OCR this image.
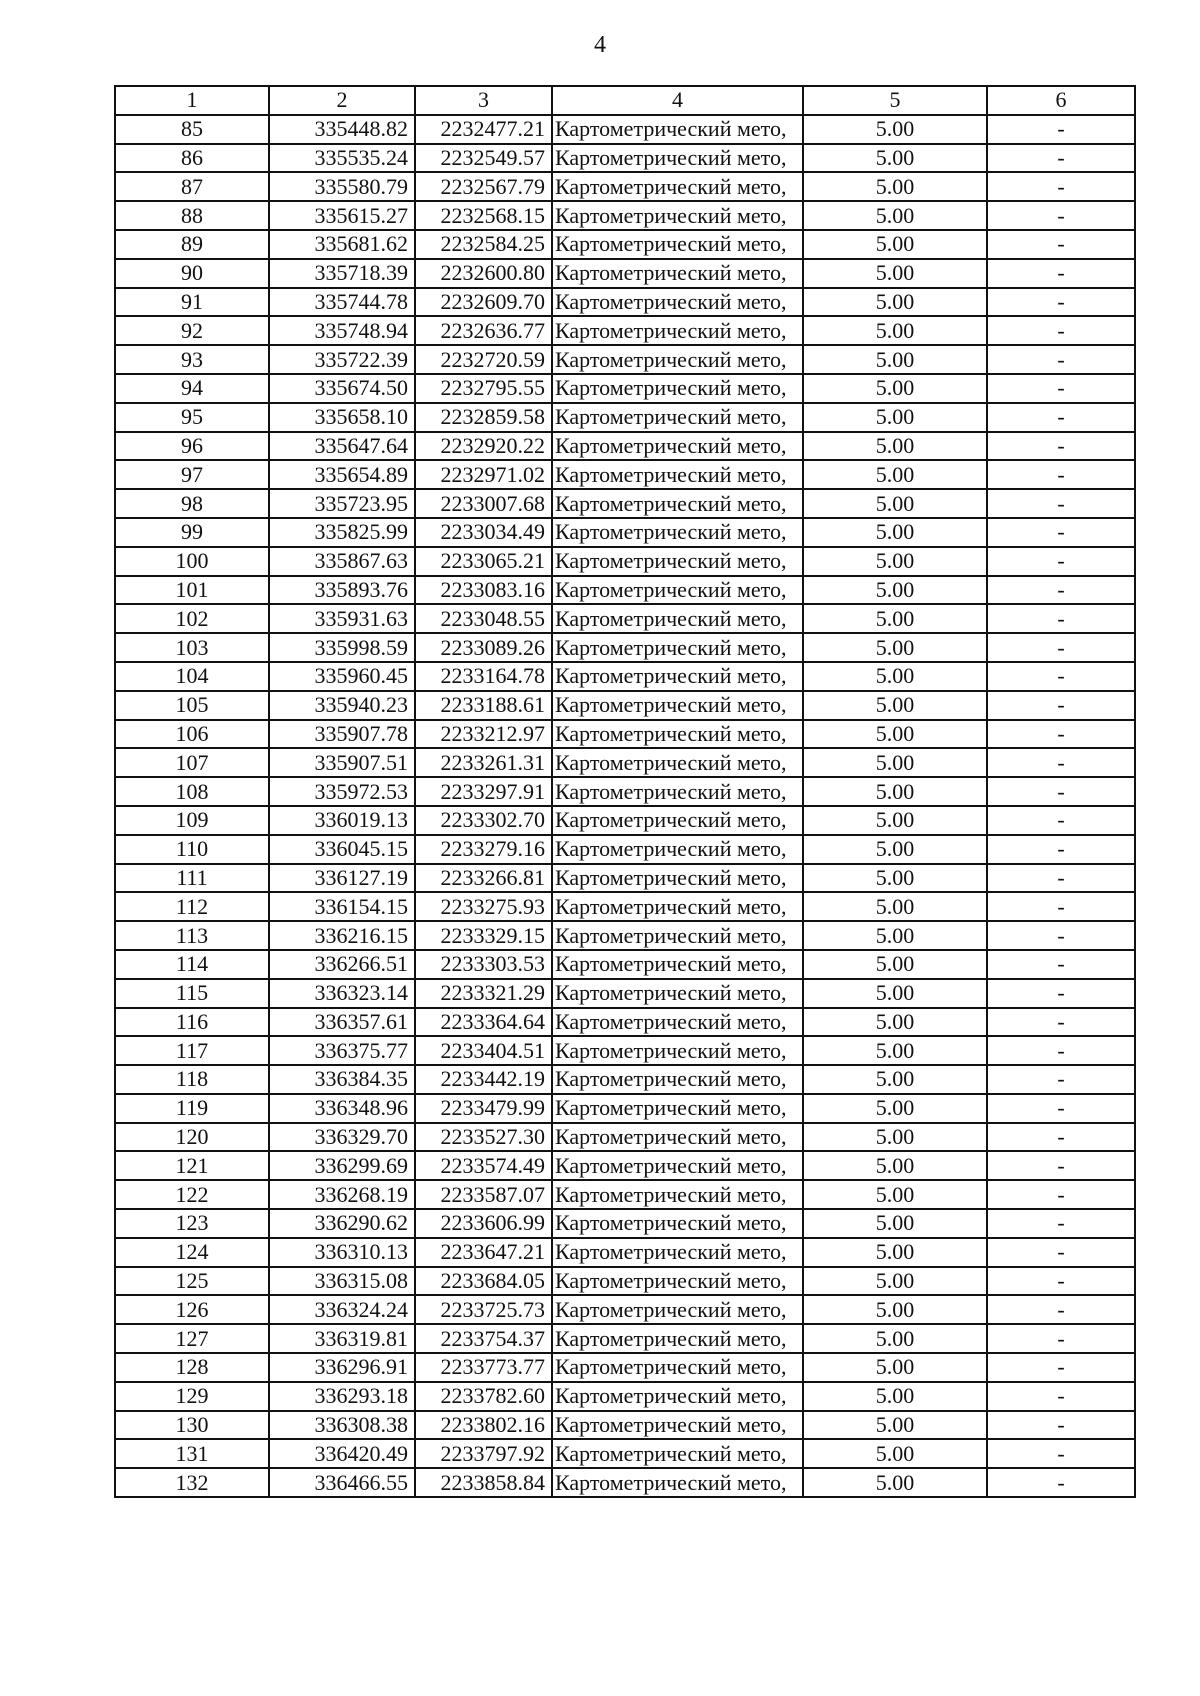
4
1	2	3	4	5	6
85	335448.82	2232477.21	Картометрический мето,	5.00	-
86	335535.24	2232549.57	Картометрический мето,	5.00	-
87	335580.79	2232567.79	Картометрический мето,	5.00	-
88	335615.27	2232568.15	Картометрический мето,	5.00	-
89	335681.62	2232584.25	Картометрический мето,	5.00	-
90	335718.39	2232600.80	Картометрический мето,	5.00	-
91	335744.78	2232609.70	Картометрический мето,	5.00	-
92	335748.94	2232636.77	Картометрический мето,	5.00	-
93	335722.39	2232720.59	Картометрический мето,	5.00	-
94	335674.50	2232795.55	Картометрический мето,	5.00	-
95	335658.10	2232859.58	Картометрический мето,	5.00	-
96	335647.64	2232920.22	Картометрический мето,	5.00	-
97	335654.89	2232971.02	Картометрический мето,	5.00	-
98	335723.95	2233007.68	Картометрический мето,	5.00	-
99	335825.99	2233034.49	Картометрический мето,	5.00	-
100	335867.63	2233065.21	Картометрический мето,	5.00	-
101	335893.76	2233083.16	Картометрический мето,	5.00	-
102	335931.63	2233048.55	Картометрический мето,	5.00	-
103	335998.59	2233089.26	Картометрический мето,	5.00	-
104	335960.45	2233164.78	Картометрический мето,	5.00	-
105	335940.23	2233188.61	Картометрический мето,	5.00	-
106	335907.78	2233212.97	Картометрический мето,	5.00	-
107	335907.51	2233261.31	Картометрический мето,	5.00	-
108	335972.53	2233297.91	Картометрический мето,	5.00	-
109	336019.13	2233302.70	Картометрический мето,	5.00	-
110	336045.15	2233279.16	Картометрический мето,	5.00	-
111	336127.19	2233266.81	Картометрический мето,	5.00	-
112	336154.15	2233275.93	Картометрический мето,	5.00	-
113	336216.15	2233329.15	Картометрический мето,	5.00	-
114	336266.51	2233303.53	Картометрический мето,	5.00	-
115	336323.14	2233321.29	Картометрический мето,	5.00	-
116	336357.61	2233364.64	Картометрический мето,	5.00	-
117	336375.77	2233404.51	Картометрический мето,	5.00	-
118	336384.35	2233442.19	Картометрический мето,	5.00	-
119	336348.96	2233479.99	Картометрический мето,	5.00	-
120	336329.70	2233527.30	Картометрический мето,	5.00	-
121	336299.69	2233574.49	Картометрический мето,	5.00	-
122	336268.19	2233587.07	Картометрический мето,	5.00	-
123	336290.62	2233606.99	Картометрический мето,	5.00	-
124	336310.13	2233647.21	Картометрический мето,	5.00	-
125	336315.08	2233684.05	Картометрический мето,	5.00	-
126	336324.24	2233725.73	Картометрический мето,	5.00	-
127	336319.81	2233754.37	Картометрический мето,	5.00	-
128	336296.91	2233773.77	Картометрический мето,	5.00	-
129	336293.18	2233782.60	Картометрический мето,	5.00	-
130	336308.38	2233802.16	Картометрический мето,	5.00	-
131	336420.49	2233797.92	Картометрический мето,	5.00	-
132	336466.55	2233858.84	Картометрический мето,	5.00	-
